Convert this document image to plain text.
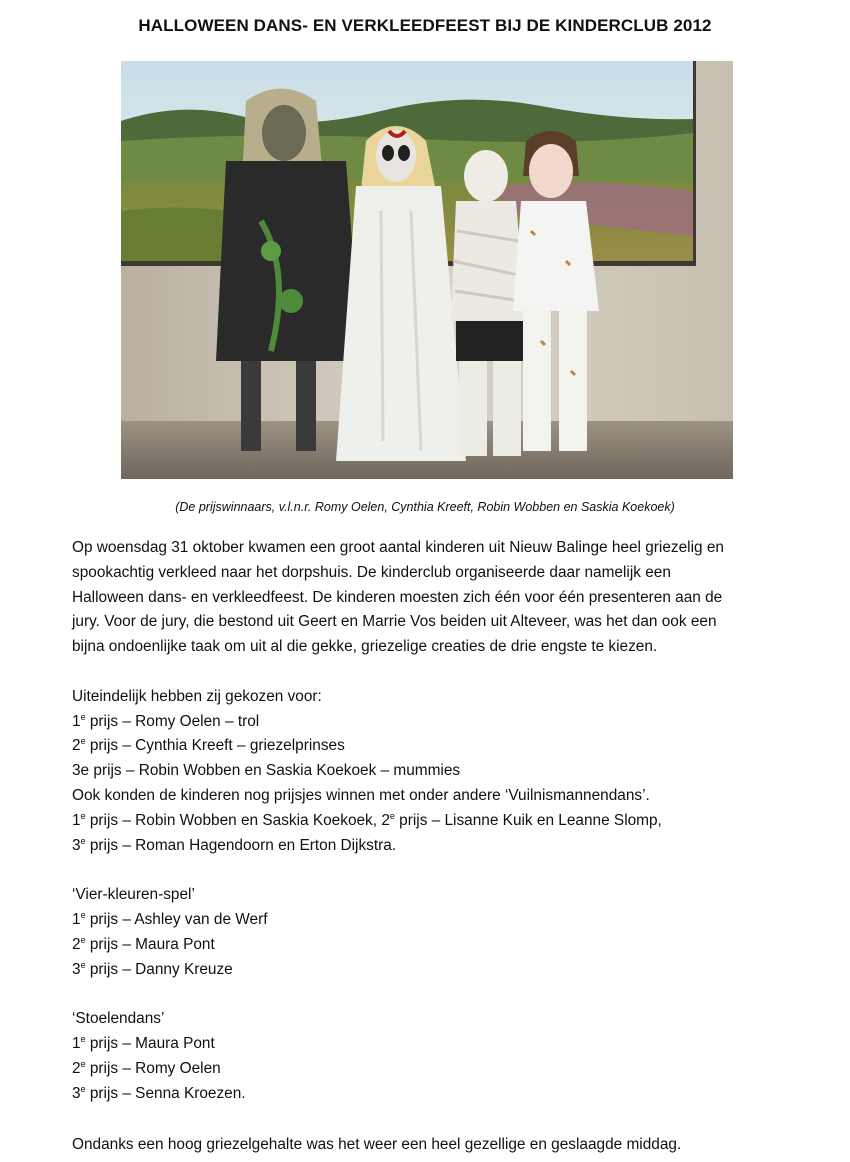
HALLOWEEN DANS- EN VERKLEEDFEEST BIJ DE KINDERCLUB 2012
(De prijswinnaars, v.l.n.r. Romy Oelen, Cynthia Kreeft, Robin Wobben en Saskia Koekoek)

Op woensdag 31 oktober kwamen een groot aantal kinderen uit Nieuw Balinge heel griezelig en

spookachtig verkleed naar het dorpshuis. De kinderclub organiseerde daar namelijk een

Halloween dans- en verkleedfeest. De kinderen moesten zich één voor één presenteren aan de

jury. Voor de jury, die bestond uit Geert en Marrie Vos beiden uit Alteveer, was het dan ook een

bijna ondoenlijke taak om uit al die gekke, griezelige creaties de drie engste te kiezen.

Uiteindelijk hebben zij gekozen voor:

1e prijs – Romy Oelen – trol

2e prijs – Cynthia Kreeft – griezelprinses

3e prijs – Robin Wobben en Saskia Koekoek – mummies

Ook konden de kinderen nog prijsjes winnen met onder andere ‘Vuilnismannendans’.

1e prijs – Robin Wobben en Saskia Koekoek, 2e prijs – Lisanne Kuik en Leanne Slomp,

3e prijs – Roman Hagendoorn en Erton Dijkstra.

‘Vier-kleuren-spel’

1e prijs – Ashley van de Werf

2e prijs – Maura Pont

3e prijs – Danny Kreuze

‘Stoelendans’

1e prijs – Maura Pont

2e prijs – Romy Oelen

3e prijs – Senna Kroezen.

Ondanks een hoog griezelgehalte was het weer een heel gezellige en geslaagde middag.
